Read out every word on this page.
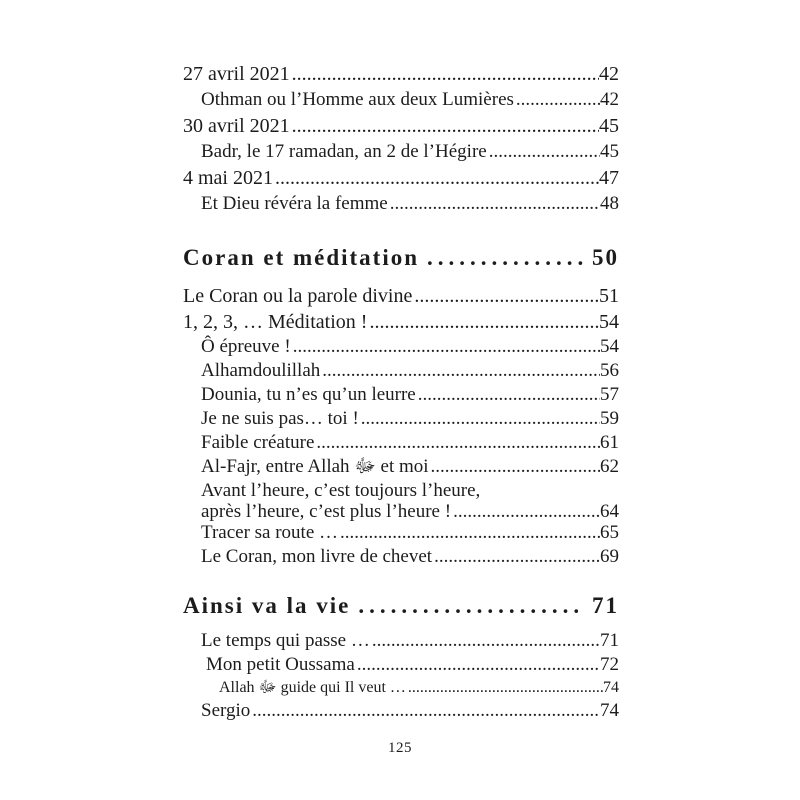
27 avril 2021 .....	42
Othman ou l’Homme aux deux Lumières .....	42
30 avril 2021 .....	45
Badr, le 17 ramadan, an 2 de l’Hégire .....	45
4 mai 2021 .....	47
Et Dieu révéra la femme .....	48
Coran et méditation .....	50
Le Coran ou la parole divine .....	51
1, 2, 3, … Méditation ! .....	54
Ô épreuve ! .....	54
Alhamdoulillah .....	56
Dounia, tu n’es qu’un leurre .....	57
Je ne suis pas… toi ! .....	59
Faible créature .....	61
Al-Fajr, entre Allah ﷻ et moi .....	62
Avant l’heure, c’est toujours l’heure,
après l’heure, c’est plus l’heure ! .....	64
Tracer sa route … .....	65
Le Coran, mon livre de chevet .....	69
Ainsi va la vie .....	71
Le temps qui passe … .....	71
Mon petit Oussama .....	72
Allah ﷻ guide qui Il veut … .....	74
Sergio .....	74
125
